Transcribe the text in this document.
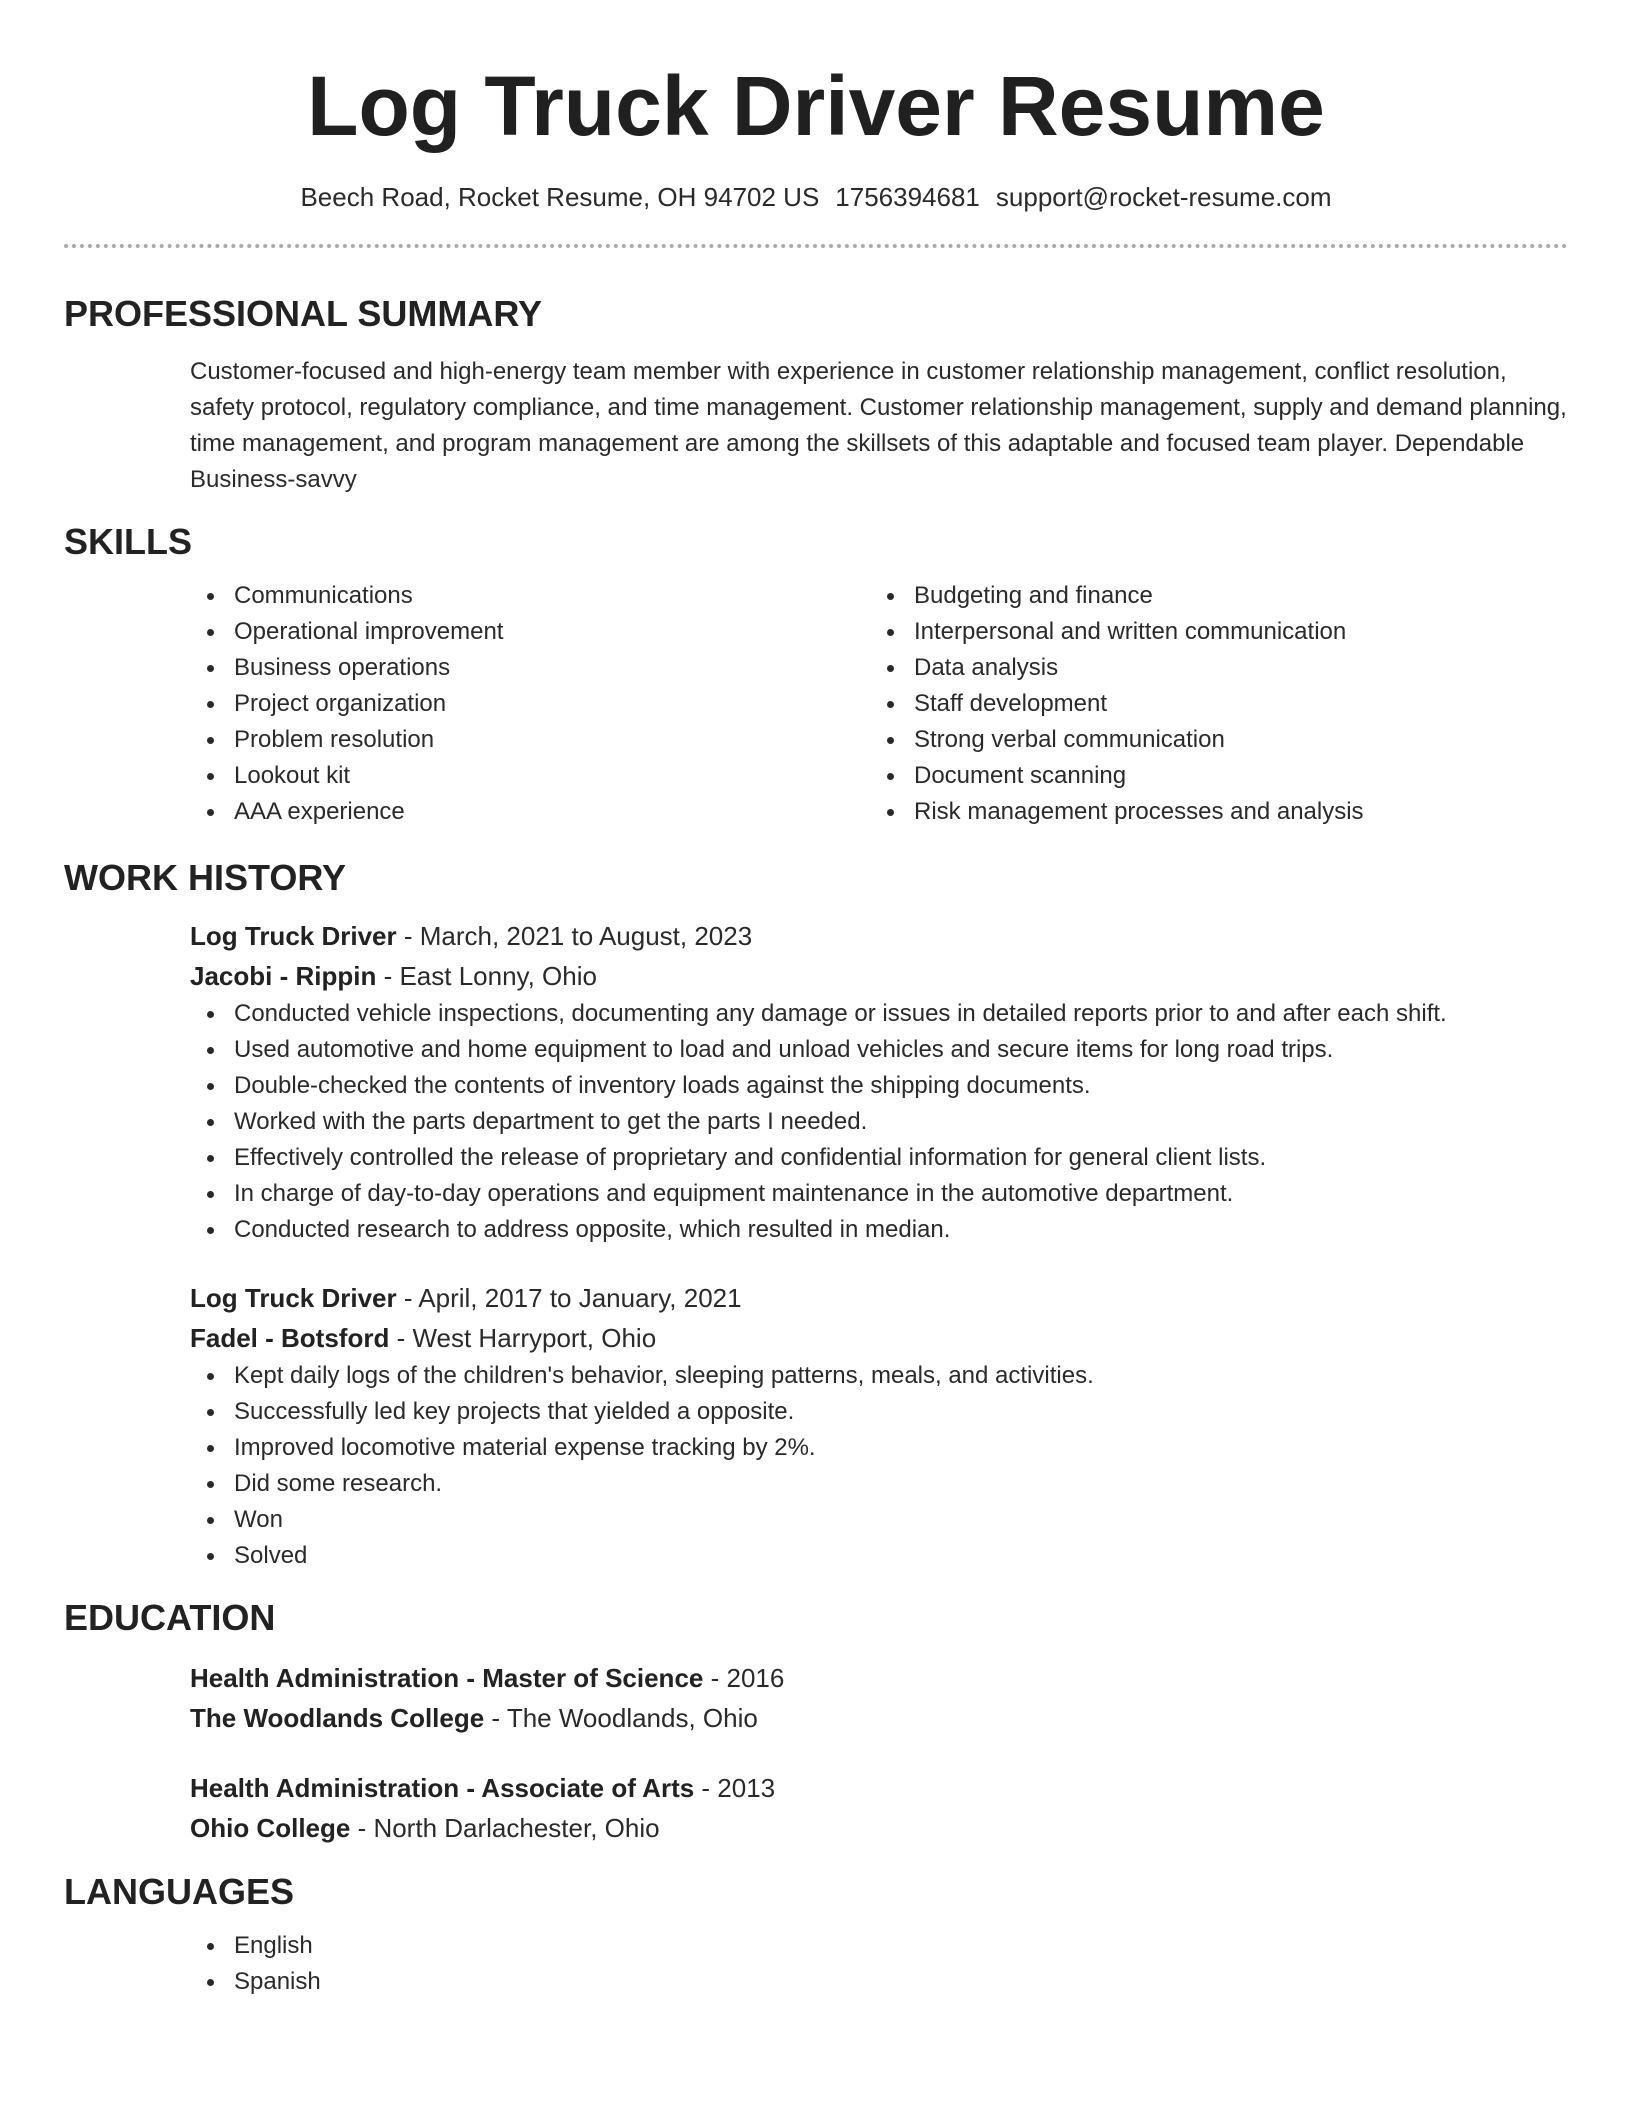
Log Truck Driver Resume
Beech Road, Rocket Resume, OH 94702 US 1756394681 support@rocket-resume.com
PROFESSIONAL SUMMARY

Customer-focused and high-energy team member with experience in customer relationship management, conflict resolution, safety protocol, regulatory compliance, and time management. Customer relationship management, supply and demand planning, time management, and program management are among the skillsets of this adaptable and focused team player. Dependable Business-savvy

SKILLS
Communications
Operational improvement
Business operations
Project organization
Problem resolution
Lookout kit
AAA experience
Budgeting and finance
Interpersonal and written communication
Data analysis
Staff development
Strong verbal communication
Document scanning
Risk management processes and analysis
WORK HISTORY
Log Truck Driver - March, 2021 to August, 2023
Jacobi - Rippin - East Lonny, Ohio
Conducted vehicle inspections, documenting any damage or issues in detailed reports prior to and after each shift.
Used automotive and home equipment to load and unload vehicles and secure items for long road trips.
Double-checked the contents of inventory loads against the shipping documents.
Worked with the parts department to get the parts I needed.
Effectively controlled the release of proprietary and confidential information for general client lists.
In charge of day-to-day operations and equipment maintenance in the automotive department.
Conducted research to address opposite, which resulted in median.
Log Truck Driver - April, 2017 to January, 2021
Fadel - Botsford - West Harryport, Ohio
Kept daily logs of the children's behavior, sleeping patterns, meals, and activities.
Successfully led key projects that yielded a opposite.
Improved locomotive material expense tracking by 2%.
Did some research.
Won
Solved
EDUCATION
Health Administration - Master of Science - 2016
The Woodlands College - The Woodlands, Ohio
Health Administration - Associate of Arts - 2013
Ohio College - North Darlachester, Ohio
LANGUAGES
English
Spanish
